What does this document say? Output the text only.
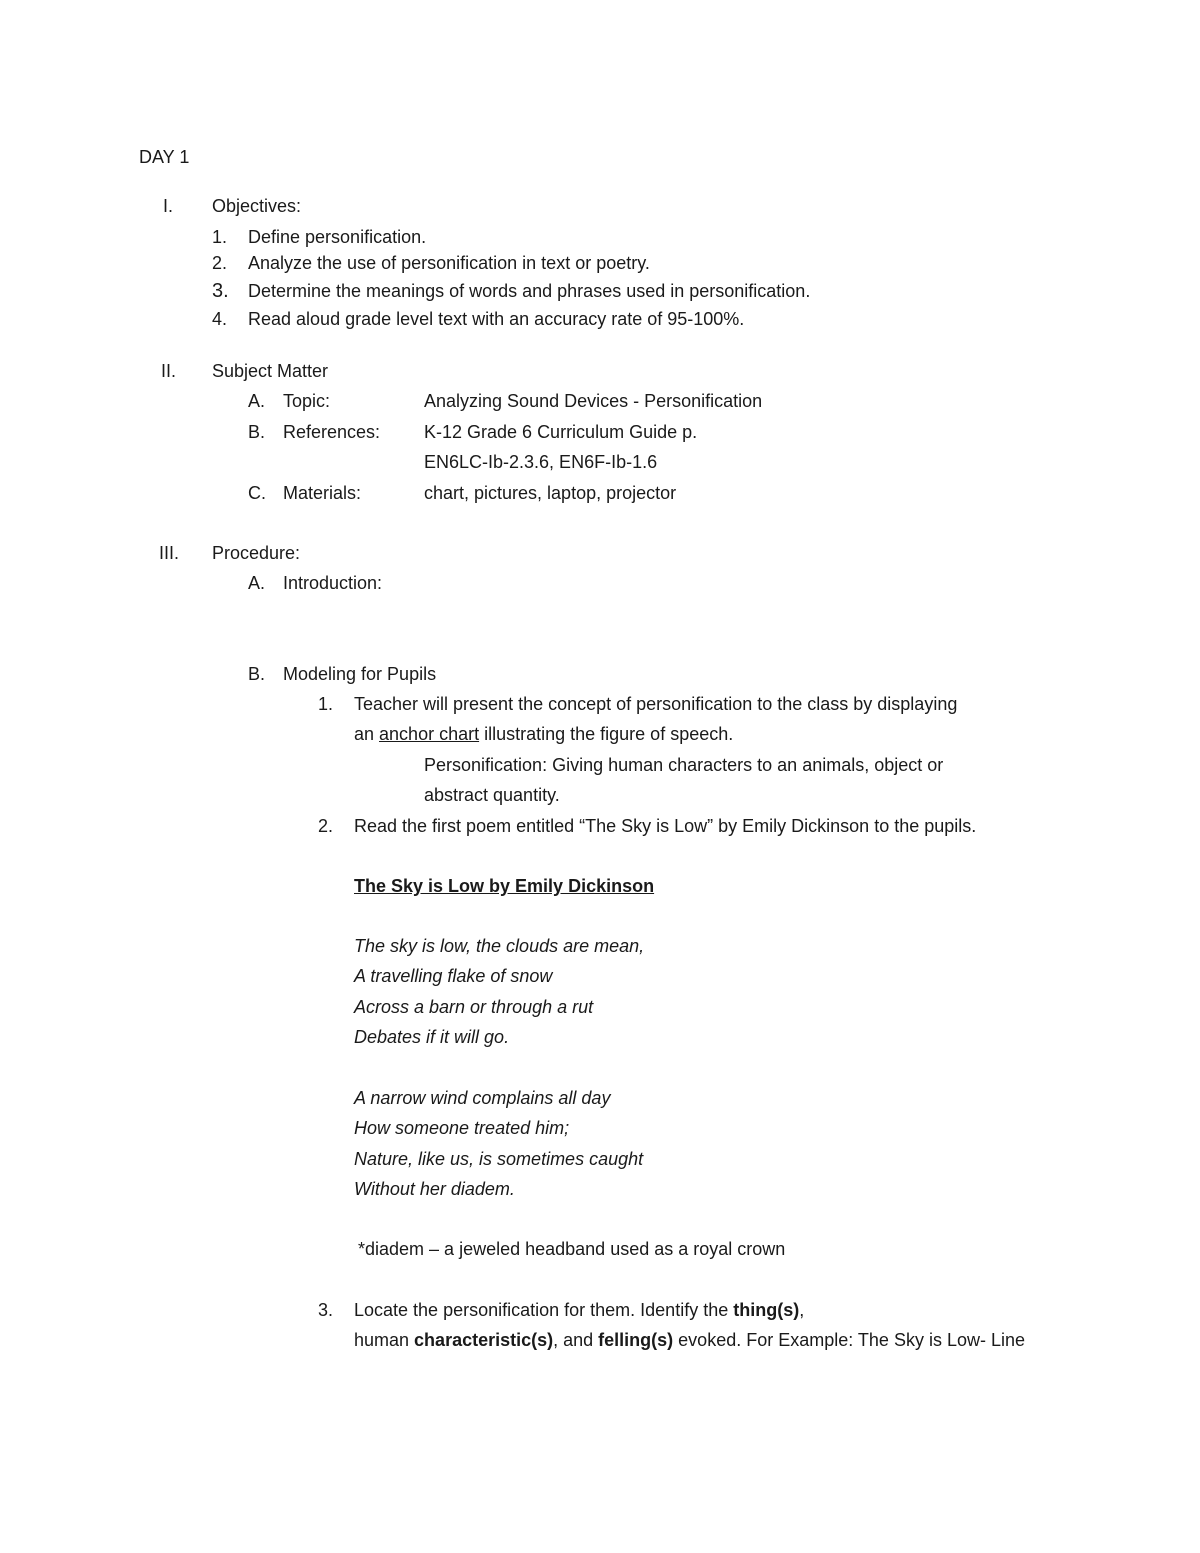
DAY 1
I. Objectives:
1. Define personification.
2. Analyze the use of personification in text or poetry.
3. Determine the meanings of words and phrases used in personification.
4. Read aloud grade level text with an accuracy rate of 95-100%.
II. Subject Matter
A. Topic:	Analyzing Sound Devices - Personification
B. References: K-12 Grade 6 Curriculum Guide p.
EN6LC-Ib-2.3.6, EN6F-Ib-1.6
C. Materials:	chart, pictures, laptop, projector
III. Procedure:
A. Introduction:
B. Modeling for Pupils
1. Teacher will present the concept of personification to the class by displaying
an anchor chart illustrating the figure of speech.
Personification: Giving human characters to an animals, object or
abstract quantity.
2. Read the first poem entitled “The Sky is Low” by Emily Dickinson to the pupils.
The Sky is Low by Emily Dickinson
The sky is low, the clouds are mean,
A travelling flake of snow
Across a barn or through a rut
Debates if it will go.
A narrow wind complains all day
How someone treated him;
Nature, like us, is sometimes caught
Without her diadem.
*diadem – a jeweled headband used as a royal crown
3. Locate the personification for them. Identify the thing(s),
human characteristic(s), and felling(s) evoked. For Example: The Sky is Low- Line
